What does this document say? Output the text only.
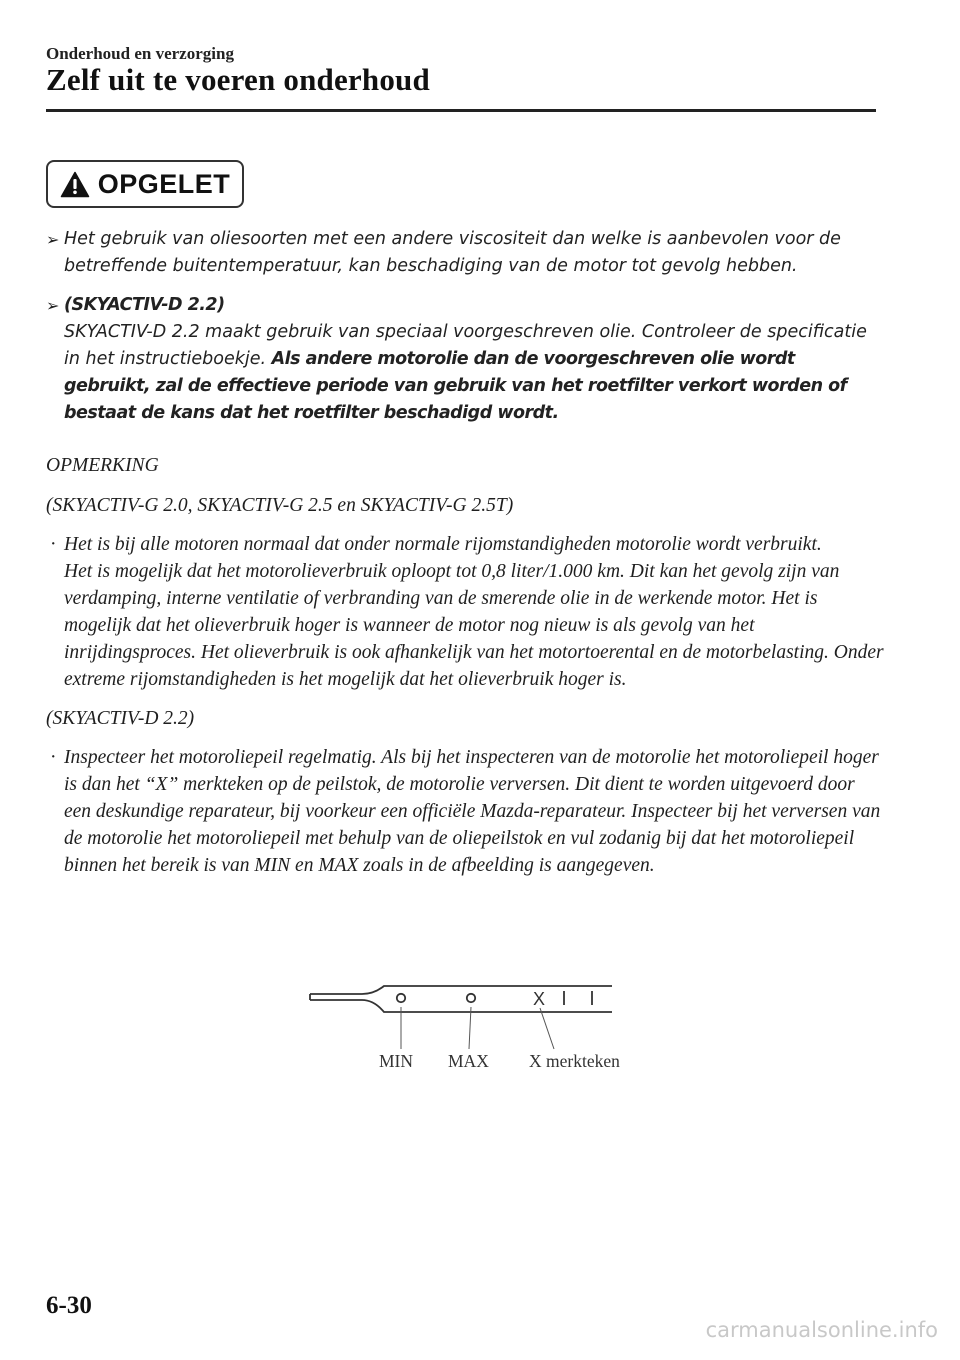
Onderhoud en verzorging
Zelf uit te voeren onderhoud
OPGELET
➢ Het gebruik van oliesoorten met een andere viscositeit dan welke is aanbevolen voor de betreffende buitentemperatuur, kan beschadiging van de motor tot gevolg hebben.
➢ (SKYACTIV-D 2.2)
SKYACTIV-D 2.2 maakt gebruik van speciaal voorgeschreven olie. Controleer de specificatie in het instructieboekje. Als andere motorolie dan de voorgeschreven olie wordt gebruikt, zal de effectieve periode van gebruik van het roetfilter verkort worden of bestaat de kans dat het roetfilter beschadigd wordt.
OPMERKING
(SKYACTIV-G 2.0, SKYACTIV-G 2.5 en SKYACTIV-G 2.5T)
· Het is bij alle motoren normaal dat onder normale rijomstandigheden motorolie wordt verbruikt.

Het is mogelijk dat het motorolieverbruik oploopt tot 0,8 liter/1.000 km. Dit kan het gevolg zijn van verdamping, interne ventilatie of verbranding van de smerende olie in de werkende motor. Het is mogelijk dat het olieverbruik hoger is wanneer de motor nog nieuw is als gevolg van het inrijdingsproces. Het olieverbruik is ook afhankelijk van het motortoerental en de motorbelasting. Onder extreme rijomstandigheden is het mogelijk dat het olieverbruik hoger is.

(SKYACTIV-D 2.2)
· Inspecteer het motoroliepeil regelmatig. Als bij het inspecteren van de motorolie het motoroliepeil hoger is dan het “X” merkteken op de peilstok, de motorolie verversen. Dit dient te worden uitgevoerd door een deskundige reparateur, bij voorkeur een officiële Mazda-reparateur. Inspecteer bij het verversen van de motorolie het motoroliepeil met behulp van de oliepeilstok en vul zodanig bij dat het motoroliepeil binnen het bereik is van MIN en MAX zoals in de afbeelding is aangegeven.

X
MIN MAX X merkteken
6-30
carmanualsonline.info
